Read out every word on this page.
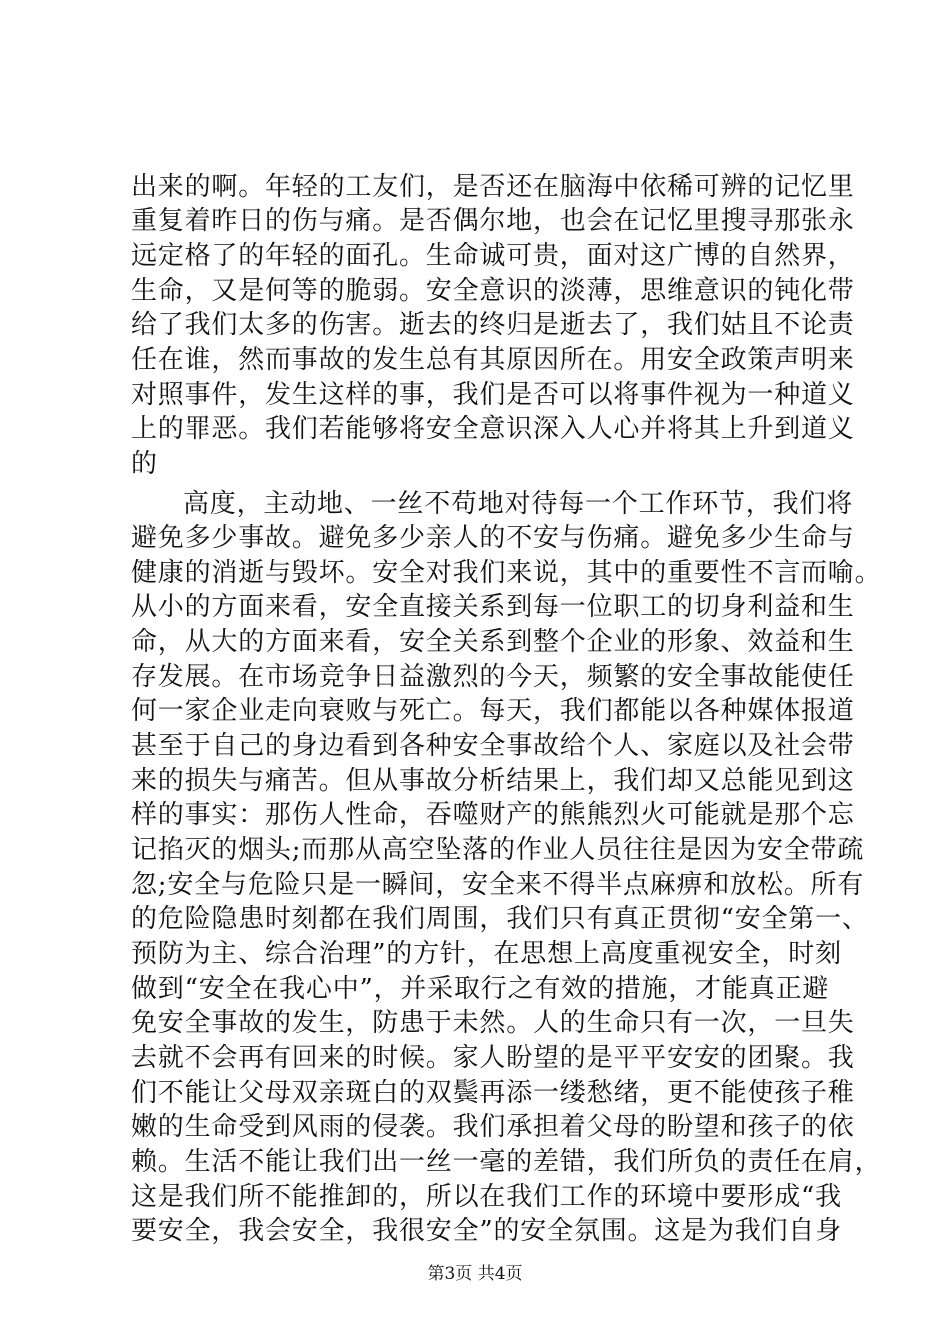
出来的啊。年轻的工友们，是否还在脑海中依稀可辨的记忆里
重复着昨日的伤与痛。是否偶尔地，也会在记忆里搜寻那张永
远定格了的年轻的面孔。生命诚可贵，面对这广博的自然界，
生命，又是何等的脆弱。安全意识的淡薄，思维意识的钝化带
给了我们太多的伤害。逝去的终归是逝去了，我们姑且不论责
任在谁，然而事故的发生总有其原因所在。用安全政策声明来
对照事件，发生这样的事，我们是否可以将事件视为一种道义
上的罪恶。我们若能够将安全意识深入人心并将其上升到道义
的
高度，主动地、一丝不苟地对待每一个工作环节，我们将
避免多少事故。避免多少亲人的不安与伤痛。避免多少生命与
健康的消逝与毁坏。安全对我们来说，其中的重要性不言而喻。
从小的方面来看，安全直接关系到每一位职工的切身利益和生
命，从大的方面来看，安全关系到整个企业的形象、效益和生
存发展。在市场竞争日益激烈的今天，频繁的安全事故能使任
何一家企业走向衰败与死亡。每天，我们都能以各种媒体报道
甚至于自己的身边看到各种安全事故给个人、家庭以及社会带
来的损失与痛苦。但从事故分析结果上，我们却又总能见到这
样的事实：那伤人性命，吞噬财产的熊熊烈火可能就是那个忘
记掐灭的烟头;而那从高空坠落的作业人员往往是因为安全带疏
忽;安全与危险只是一瞬间，安全来不得半点麻痹和放松。所有
的危险隐患时刻都在我们周围，我们只有真正贯彻“安全第一、
预防为主、综合治理”的方针，在思想上高度重视安全，时刻
做到“安全在我心中”，并采取行之有效的措施，才能真正避
免安全事故的发生，防患于未然。人的生命只有一次，一旦失
去就不会再有回来的时候。家人盼望的是平平安安的团聚。我
们不能让父母双亲斑白的双鬓再添一缕愁绪，更不能使孩子稚
嫩的生命受到风雨的侵袭。我们承担着父母的盼望和孩子的依
赖。生活不能让我们出一丝一毫的差错，我们所负的责任在肩，
这是我们所不能推卸的，所以在我们工作的环境中要形成“我
要安全，我会安全，我很安全”的安全氛围。这是为我们自身
第3页 共4页
